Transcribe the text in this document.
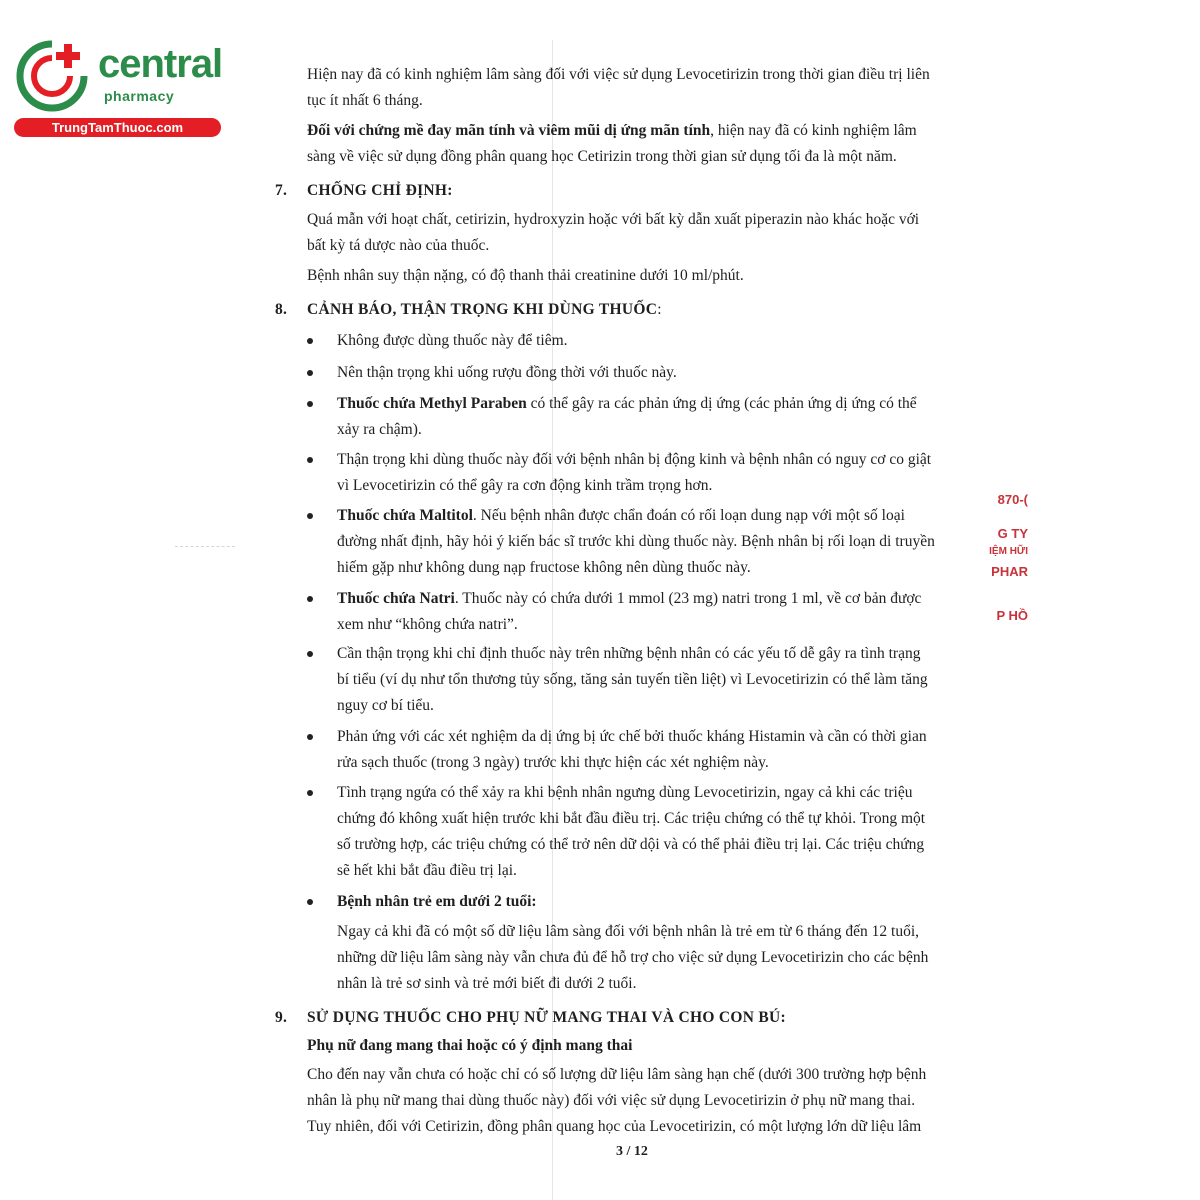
central
pharmacy
TrungTamThuoc.com
Hiện nay đã có kinh nghiệm lâm sàng đối với việc sử dụng Levocetirizin trong thời gian điều trị liên
tục ít nhất 6 tháng.
Đối với chứng mề đay mãn tính và viêm mũi dị ứng mãn tính, hiện nay đã có kinh nghiệm lâm
sàng về việc sử dụng đồng phân quang học Cetirizin trong thời gian sử dụng tối đa là một năm.
7. CHỐNG CHỈ ĐỊNH:
Quá mẫn với hoạt chất, cetirizin, hydroxyzin hoặc với bất kỳ dẫn xuất piperazin nào khác hoặc với
bất kỳ tá dược nào của thuốc.
Bệnh nhân suy thận nặng, có độ thanh thải creatinine dưới 10 ml/phút.
8. CẢNH BÁO, THẬN TRỌNG KHI DÙNG THUỐC:
Không được dùng thuốc này để tiêm.
Nên thận trọng khi uống rượu đồng thời với thuốc này.
Thuốc chứa Methyl Paraben có thể gây ra các phản ứng dị ứng (các phản ứng dị ứng có thể
xảy ra chậm).
Thận trọng khi dùng thuốc này đối với bệnh nhân bị động kinh và bệnh nhân có nguy cơ co giật
vì Levocetirizin có thể gây ra cơn động kinh trầm trọng hơn.
Thuốc chứa Maltitol. Nếu bệnh nhân được chẩn đoán có rối loạn dung nạp với một số loại
đường nhất định, hãy hỏi ý kiến bác sĩ trước khi dùng thuốc này. Bệnh nhân bị rối loạn di truyền
hiếm gặp như không dung nạp fructose không nên dùng thuốc này.
Thuốc chứa Natri. Thuốc này có chứa dưới 1 mmol (23 mg) natri trong 1 ml, về cơ bản được
xem như “không chứa natri”.
Cần thận trọng khi chỉ định thuốc này trên những bệnh nhân có các yếu tố dễ gây ra tình trạng
bí tiểu (ví dụ như tổn thương tủy sống, tăng sản tuyến tiền liệt) vì Levocetirizin có thể làm tăng
nguy cơ bí tiểu.
Phản ứng với các xét nghiệm da dị ứng bị ức chế bởi thuốc kháng Histamin và cần có thời gian
rửa sạch thuốc (trong 3 ngày) trước khi thực hiện các xét nghiệm này.
Tình trạng ngứa có thể xảy ra khi bệnh nhân ngưng dùng Levocetirizin, ngay cả khi các triệu
chứng đó không xuất hiện trước khi bắt đầu điều trị. Các triệu chứng có thể tự khỏi. Trong một
số trường hợp, các triệu chứng có thể trở nên dữ dội và có thể phải điều trị lại. Các triệu chứng
sẽ hết khi bắt đầu điều trị lại.
Bệnh nhân trẻ em dưới 2 tuổi:
Ngay cả khi đã có một số dữ liệu lâm sàng đối với bệnh nhân là trẻ em từ 6 tháng đến 12 tuổi,
những dữ liệu lâm sàng này vẫn chưa đủ để hỗ trợ cho việc sử dụng Levocetirizin cho các bệnh
nhân là trẻ sơ sinh và trẻ mới biết đi dưới 2 tuổi.
9. SỬ DỤNG THUỐC CHO PHỤ NỮ MANG THAI VÀ CHO CON BÚ:
Phụ nữ đang mang thai hoặc có ý định mang thai
Cho đến nay vẫn chưa có hoặc chỉ có số lượng dữ liệu lâm sàng hạn chế (dưới 300 trường hợp bệnh
nhân là phụ nữ mang thai dùng thuốc này) đối với việc sử dụng Levocetirizin ở phụ nữ mang thai.
Tuy nhiên, đối với Cetirizin, đồng phân quang học của Levocetirizin, có một lượng lớn dữ liệu lâm
3 / 12
870-(
G TY
IỆM HỮI
PHAR
P HỒ
